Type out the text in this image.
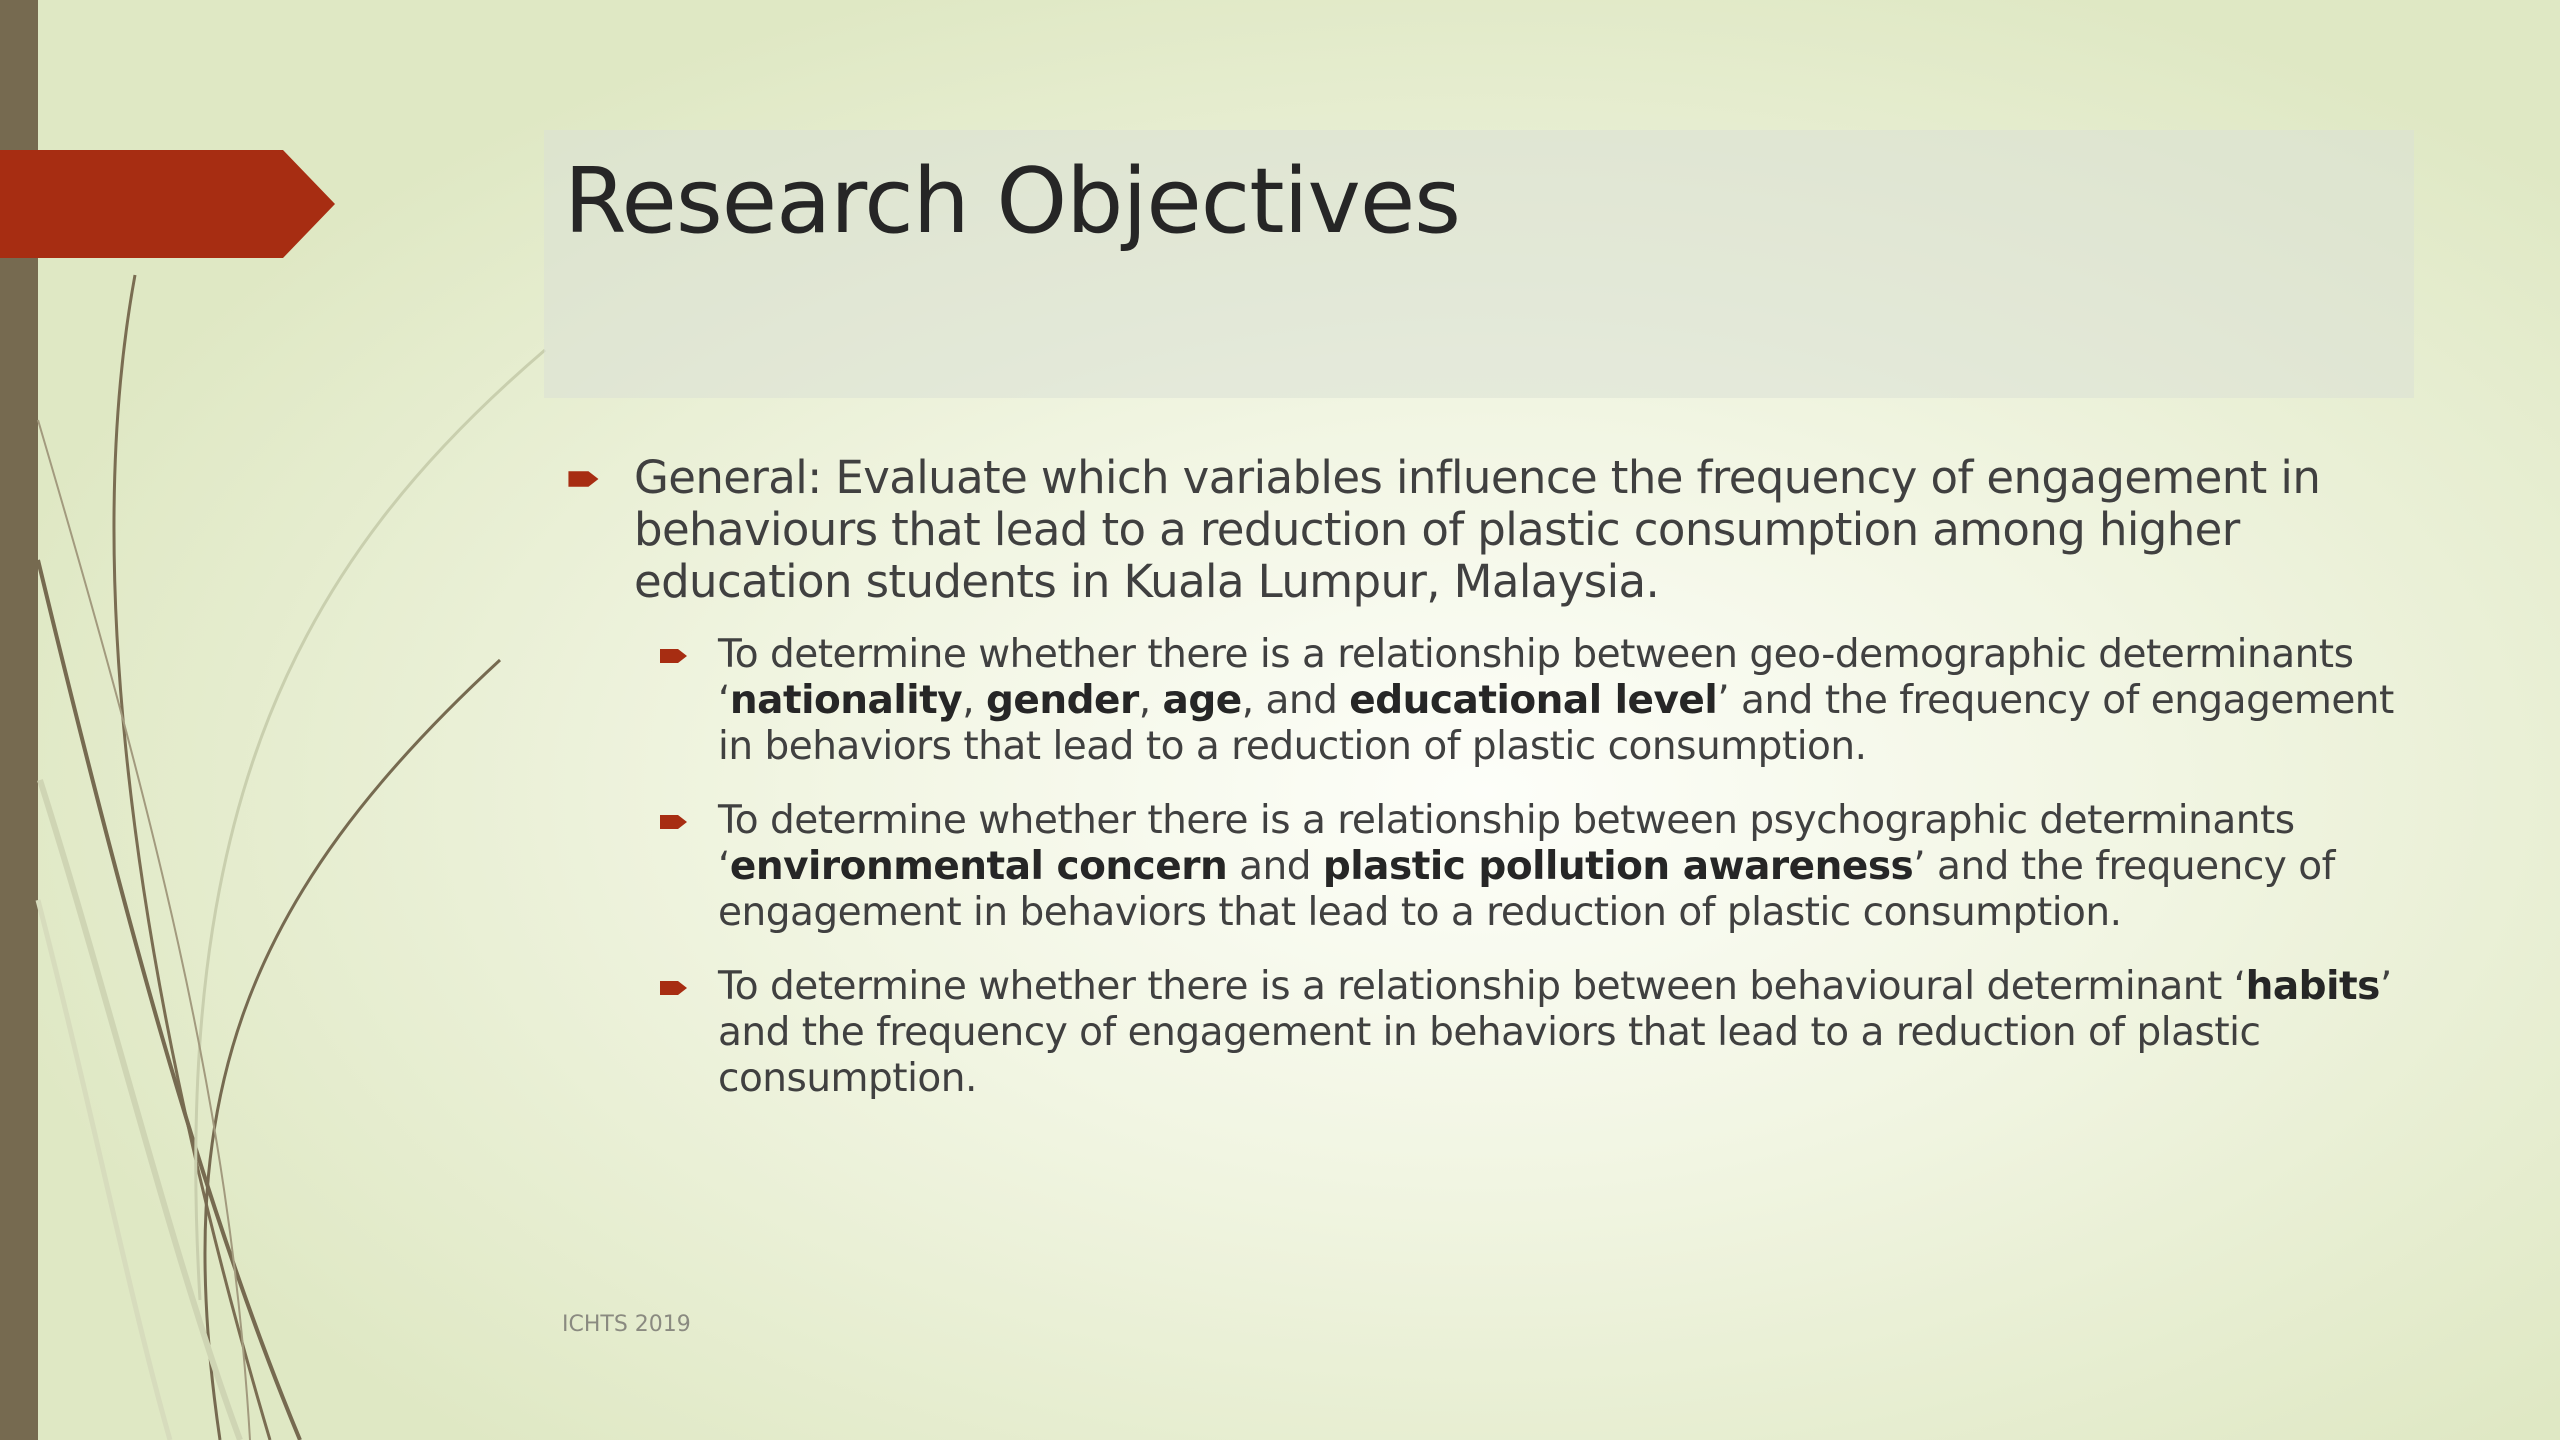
Research Objectives
General: Evaluate which variables influence the frequency of engagement in behaviours that lead to a reduction of plastic consumption among higher education students in Kuala Lumpur, Malaysia.
To determine whether there is a relationship between geo-demographic determinants ‘nationality, gender, age, and educational level’ and the frequency of engagement in behaviors that lead to a reduction of plastic consumption.
To determine whether there is a relationship between psychographic determinants ‘environmental concern and plastic pollution awareness’ and the frequency of engagement in behaviors that lead to a reduction of plastic consumption.
To determine whether there is a relationship between behavioural determinant ‘habits’ and the frequency of engagement in behaviors that lead to a reduction of plastic consumption.
ICHTS 2019
